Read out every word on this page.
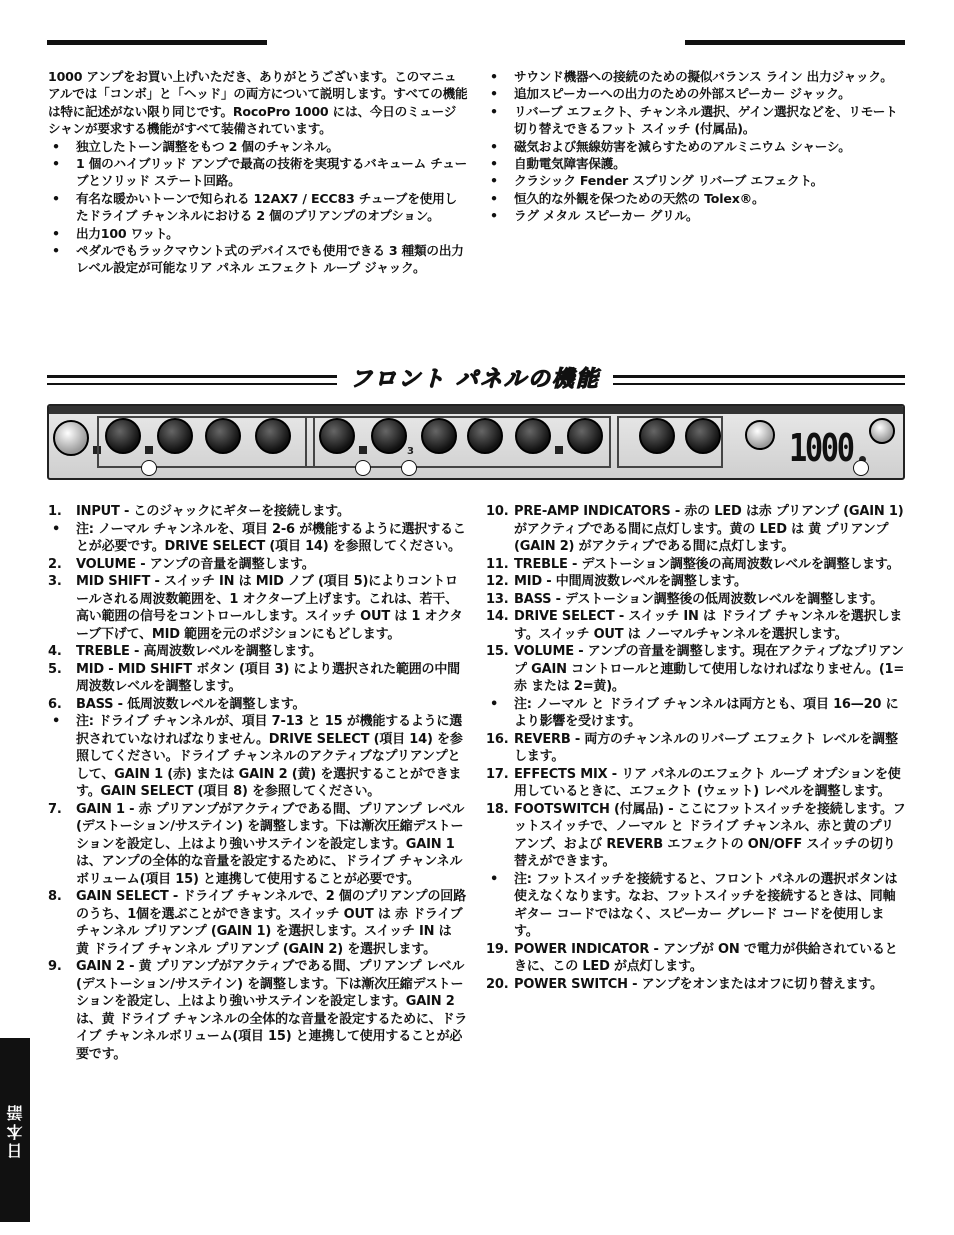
1000 アンプをお買い上げいただき、ありがとうございます。このマニュアルでは「コンボ」と「ヘッド」の両方について説明します。すべての機能は特に記述がない限り同じです。RocoPro 1000 には、今日のミュージシャンが要求する機能がすべて装備されています。

• 独立したトーン調整をもつ 2 個のチャンネル。
• 1 個のハイブリッド アンプで最高の技術を実現するバキューム チューブとソリッド ステート回路。
• 有名な暖かいトーンで知られる 12AX7 / ECC83 チューブを使用したドライブ チャンネルにおける 2 個のプリアンプのオプション。
• 出力100 ワット。
• ペダルでもラックマウント式のデバイスでも使用できる 3 種類の出力レベル設定が可能なリア パネル エフェクト ループ ジャック。
• サウンド機器への接続のための擬似バランス ライン 出力ジャック。
• 追加スピーカーへの出力のための外部スピーカー ジャック。
• リバーブ エフェクト、チャンネル選択、ゲイン選択などを、リモート切り替えできるフット スイッチ (付属品)。
• 磁気および無線妨害を減らすためのアルミニウム シャーシ。
• 自動電気障害保護。
• クラシック Fender スプリング リバーブ エフェクト。
• 恒久的な外観を保つための天然の Tolex®。
• ラグ メタル スピーカー グリル。
フロント パネルの機能
3	1000
1. INPUT - このジャックにギターを接続します。
• 注: ノーマル チャンネルを、項目 2-6 が機能するように選択することが必要です。DRIVE SELECT (項目 14) を参照してください。
2. VOLUME - アンプの音量を調整します。
3. MID SHIFT - スイッチ IN は MID ノブ (項目 5)によりコントロールされる周波数範囲を、1 オクターブ上げます。これは、若干、高い範囲の信号をコントロールします。スイッチ OUT は 1 オクターブ下げて、MID 範囲を元のポジションにもどします。
4. TREBLE - 高周波数レベルを調整します。
5. MID - MID SHIFT ボタン (項目 3) により選択された範囲の中間周波数レベルを調整します。
6. BASS - 低周波数レベルを調整します。
• 注: ドライブ チャンネルが、項目 7-13 と 15 が機能するように選択されていなければなりません。DRIVE SELECT (項目 14) を参照してください。ドライブ チャンネルのアクティブなプリアンプとして、GAIN 1 (赤) または GAIN 2 (黄) を選択することができます。GAIN SELECT (項目 8) を参照してください。
7. GAIN 1 - 赤 プリアンプがアクティブである間、プリアンプ レベル (デストーション/サステイン) を調整します。下は漸次圧縮デストーションを設定し、上はより強いサステインを設定します。GAIN 1 は、アンプの全体的な音量を設定するために、ドライブ チャンネルボリューム(項目 15) と連携して使用することが必要です。
8. GAIN SELECT - ドライブ チャンネルで、2 個のプリアンプの回路のうち、1個を選ぶことができます。スイッチ OUT は 赤 ドライブ チャンネル プリアンプ (GAIN 1) を選択します。スイッチ IN は 黄 ドライブ チャンネル プリアンプ (GAIN 2) を選択します。
9. GAIN 2 - 黄 プリアンプがアクティブである間、プリアンプ レベル (デストーション/サステイン) を調整します。下は漸次圧縮デストーションを設定し、上はより強いサステインを設定します。GAIN 2 は、黄 ドライブ チャンネルの全体的な音量を設定するために、ドライブ チャンネルボリューム(項目 15) と連携して使用することが必要です。
10. PRE-AMP INDICATORS - 赤の LED は赤 プリアンプ (GAIN 1) がアクティブである間に点灯します。黄の LED は 黄 プリアンプ (GAIN 2) がアクティブである間に点灯します。
11. TREBLE - デストーション調整後の高周波数レベルを調整します。
12. MID - 中間周波数レベルを調整します。
13. BASS - デストーション調整後の低周波数レベルを調整します。
14. DRIVE SELECT - スイッチ IN は ドライブ チャンネルを選択します。スイッチ OUT は ノーマルチャンネルを選択します。
15. VOLUME - アンプの音量を調整します。現在アクティブなプリアンプ GAIN コントロールと連動して使用しなければなりません。(1=赤 または 2=黄)。
• 注: ノーマル と ドライブ チャンネルは両方とも、項目 16—20 により影響を受けます。
16. REVERB - 両方のチャンネルのリバーブ エフェクト レベルを調整します。
17. EFFECTS MIX - リア パネルのエフェクト ループ オプションを使用しているときに、エフェクト (ウェット) レベルを調整します。
18. FOOTSWITCH (付属品) - ここにフットスイッチを接続します。フットスイッチで、ノーマル と ドライブ チャンネル、赤と黄のプリアンプ、および REVERB エフェクトの ON/OFF スイッチの切り替えができます。
• 注: フットスイッチを接続すると、フロント パネルの選択ボタンは使えなくなります。なお、フットスイッチを接続するときは、同軸ギター コードではなく、スピーカー グレード コードを使用します。
19. POWER INDICATOR - アンプが ON で電力が供給されているときに、この LED が点灯します。
20. POWER SWITCH - アンプをオンまたはオフに切り替えます。
日本語
